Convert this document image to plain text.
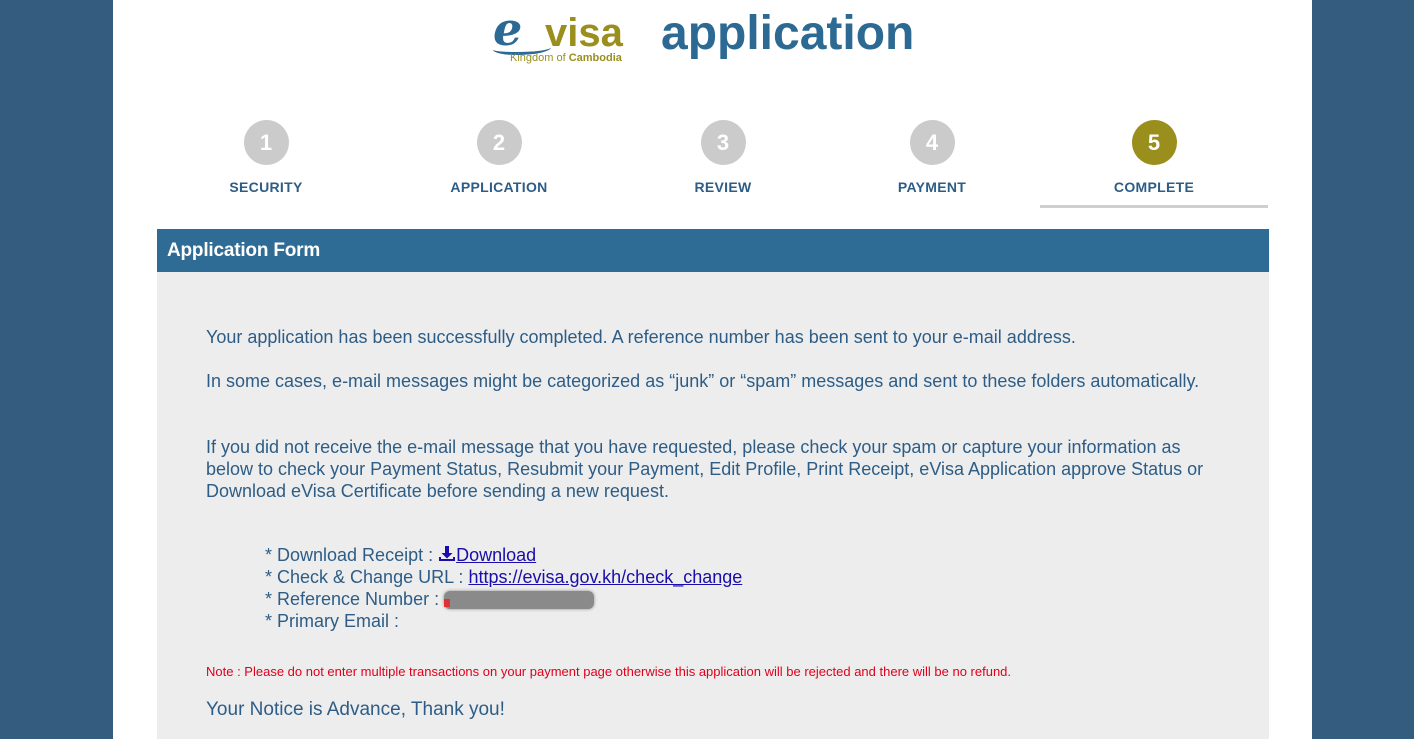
e visa
Kingdom of Cambodia application
1
SECURITY
2
APPLICATION
3
REVIEW
4
PAYMENT
5
COMPLETE
Application Form

Your application has been successfully completed. A reference number has been sent to your e-mail address.

In some cases, e-mail messages might be categorized as “junk” or “spam” messages and sent to these folders automatically.

If you did not receive the e-mail message that you have requested, please check your spam or capture your information as below to check your Payment Status, Resubmit your Payment, Edit Profile, Print Receipt, eVisa Application approve Status or Download eVisa Certificate before sending a new request.

* Download Receipt : Download
* Check & Change URL : https://evisa.gov.kh/check_change
* Reference Number :
* Primary Email :
Note : Please do not enter multiple transactions on your payment page otherwise this application will be rejected and there will be no refund.
Your Notice is Advance, Thank you!
